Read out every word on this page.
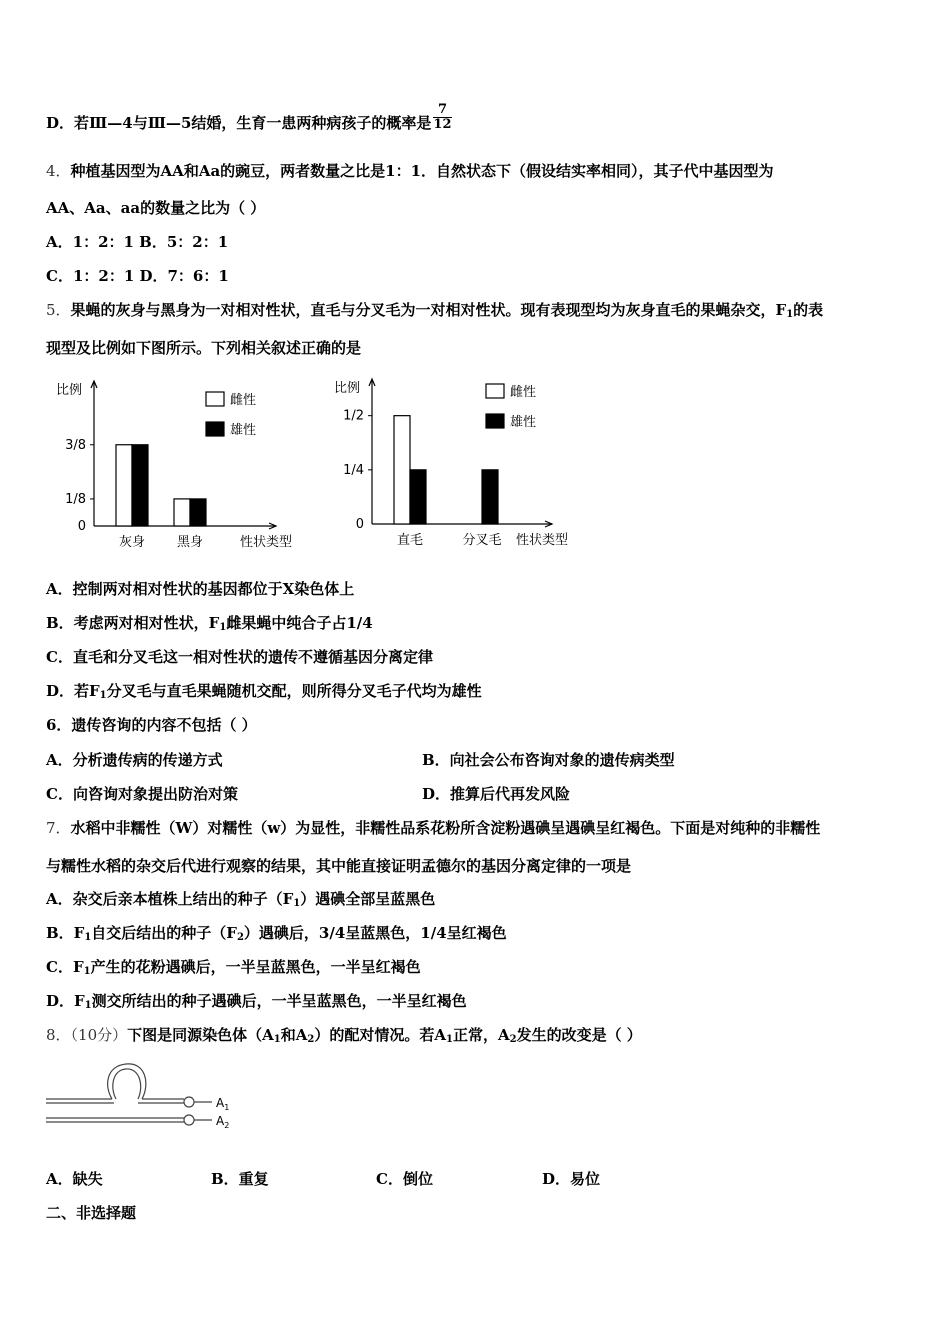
D．若Ⅲ—4与Ⅲ—5结婚，生育一患两种病孩子的概率是 $\frac{7}{12}$
4．种植基因型为AA和Aa的豌豆，两者数量之比是1：1．自然状态下（假设结实率相同），其子代中基因型为
AA、Aa、aa的数量之比为（ ）
A．1：2：1 B．5：2：1
C．1：2：1 D．7：6：1
5．果蝇的灰身与黑身为一对相对性状，直毛与分叉毛为一对相对性状。现有表现型均为灰身直毛的果蝇杂交，$F_1$的表
现型及比例如下图所示。下列相关叙述正确的是
比例
0
1/8
3/8
灰身 黑身	性状类型
雌性
雄性
比例
0
1/4
1/2
直毛	分叉毛 性状类型
雌性
雄性
A．控制两对相对性状的基因都位于X染色体上
B．考虑两对相对性状，$F_1$雌果蝇中纯合子占1/4
C．直毛和分叉毛这一相对性状的遗传不遵循基因分离定律
D．若$F_1$分叉毛与直毛果蝇随机交配，则所得分叉毛子代均为雄性
6．遗传咨询的内容不包括（ ）
A．分析遗传病的传递方式	B．向社会公布咨询对象的遗传病类型
C．向咨询对象提出防治对策	D．推算后代再发风险
7．水稻中非糯性（W）对糯性（w）为显性，非糯性品系花粉所含淀粉遇碘呈遇碘呈红褐色。下面是对纯种的非糯性
与糯性水稻的杂交后代进行观察的结果，其中能直接证明孟德尔的基因分离定律的一项是
A．杂交后亲本植株上结出的种子$(F_1)$遇碘全部呈蓝黑色
B．$F_1$自交后结出的种子$(F_2)$遇碘后，3/4呈蓝黑色，1/4呈红褐色
C．$F_1$产生的花粉遇碘后，一半呈蓝黑色，一半呈红褐色
D．$F_1$测交所结出的种子遇碘后，一半呈蓝黑色，一半呈红褐色
8．（10分）下图是同源染色体（$A_1$和$A_2$）的配对情况。若$A_1$正常，$A_2$发生的改变是（ ）
$A_1$
$A_2$
A．缺失	B．重复	C．倒位	D．易位
二、非选择题
